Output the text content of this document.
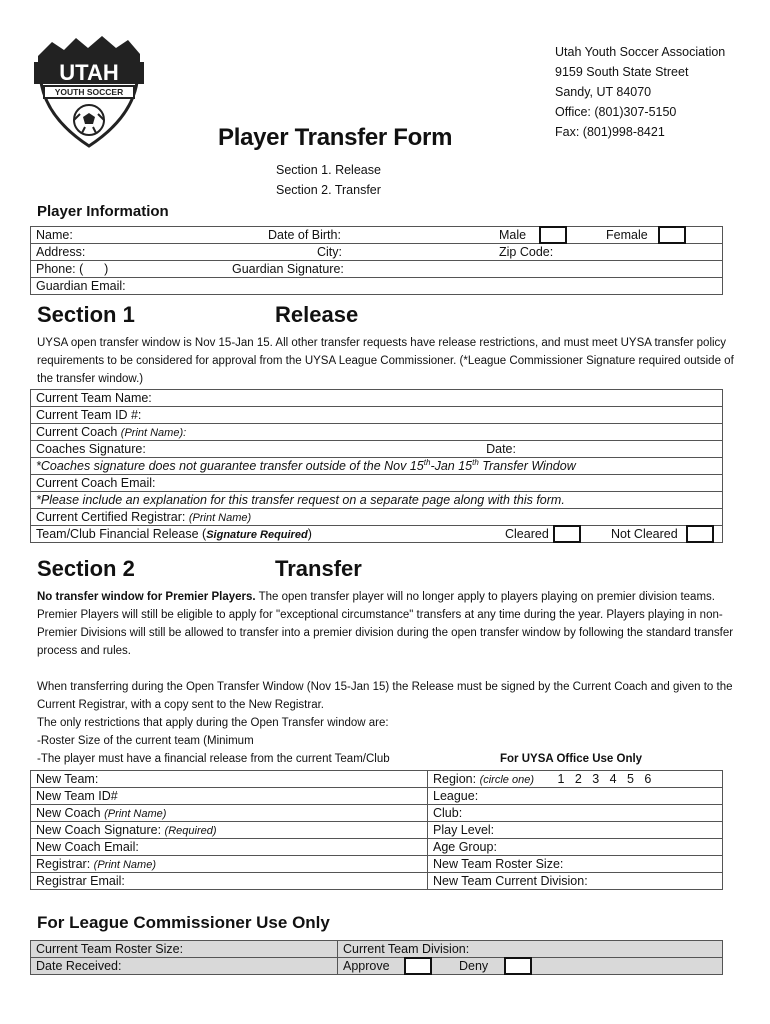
UTAH
YOUTH SOCCER
Utah Youth Soccer Association
9159 South State Street
Sandy, UT 84070
Office: (801)307-5150
Fax: (801)998-8421
Player Transfer Form
Section 1. Release
Section 2. Transfer
Player Information
Name:	Date of Birth:	Male	Female

Address:	City:	Zip Code:

Phone: (      )	Guardian Signature:

Guardian Email:
Section 1	Release
UYSA open transfer window is Nov 15-Jan 15. All other transfer requests have release restrictions, and must meet UYSA transfer policy requirements to be considered for approval from the UYSA League Commissioner. (*League Commissioner Signature required outside of the transfer window.)
Current Team Name:
Current Team ID #:
Current Coach (Print Name):

Coaches Signature:	Date:

*Coaches signature does not guarantee transfer outside of the Nov 15th-Jan 15th Transfer Window
Current Coach Email:
*Please include an explanation for this transfer request on a separate page along with this form.
Current Certified Registrar: (Print Name)

Team/Club Financial Release (Signature Required)	Cleared	Not Cleared
Section 2	Transfer

No transfer window for Premier Players. The open transfer player will no longer apply to players playing on premier division teams. Premier Players will still be eligible to apply for "exceptional circumstance" transfers at any time during the year. Players playing in non-Premier Divisions will still be allowed to transfer into a premier division during the open transfer window by following the standard transfer process and rules.

When transferring during the Open Transfer Window (Nov 15-Jan 15) the Release must be signed by the Current Coach and given to the Current Registrar, with a copy sent to the New Registrar.

The only restrictions that apply during the Open Transfer window are:

-Roster Size of the current team (Minimum

-The player must have a financial release from the current Team/Club	For UYSA Office Use Only
New Team:	Region: (circle one) 1   2   3   4   5   6
New Team ID#	League:
New Coach (Print Name)	Club:
New Coach Signature: (Required)	Play Level:
New Coach Email:	Age Group:
Registrar: (Print Name)	New Team Roster Size:
Registrar Email:	New Team Current Division:
For League Commissioner Use Only
Current Team Roster Size:	Current Team Division:
Date Received:	Approve Deny
